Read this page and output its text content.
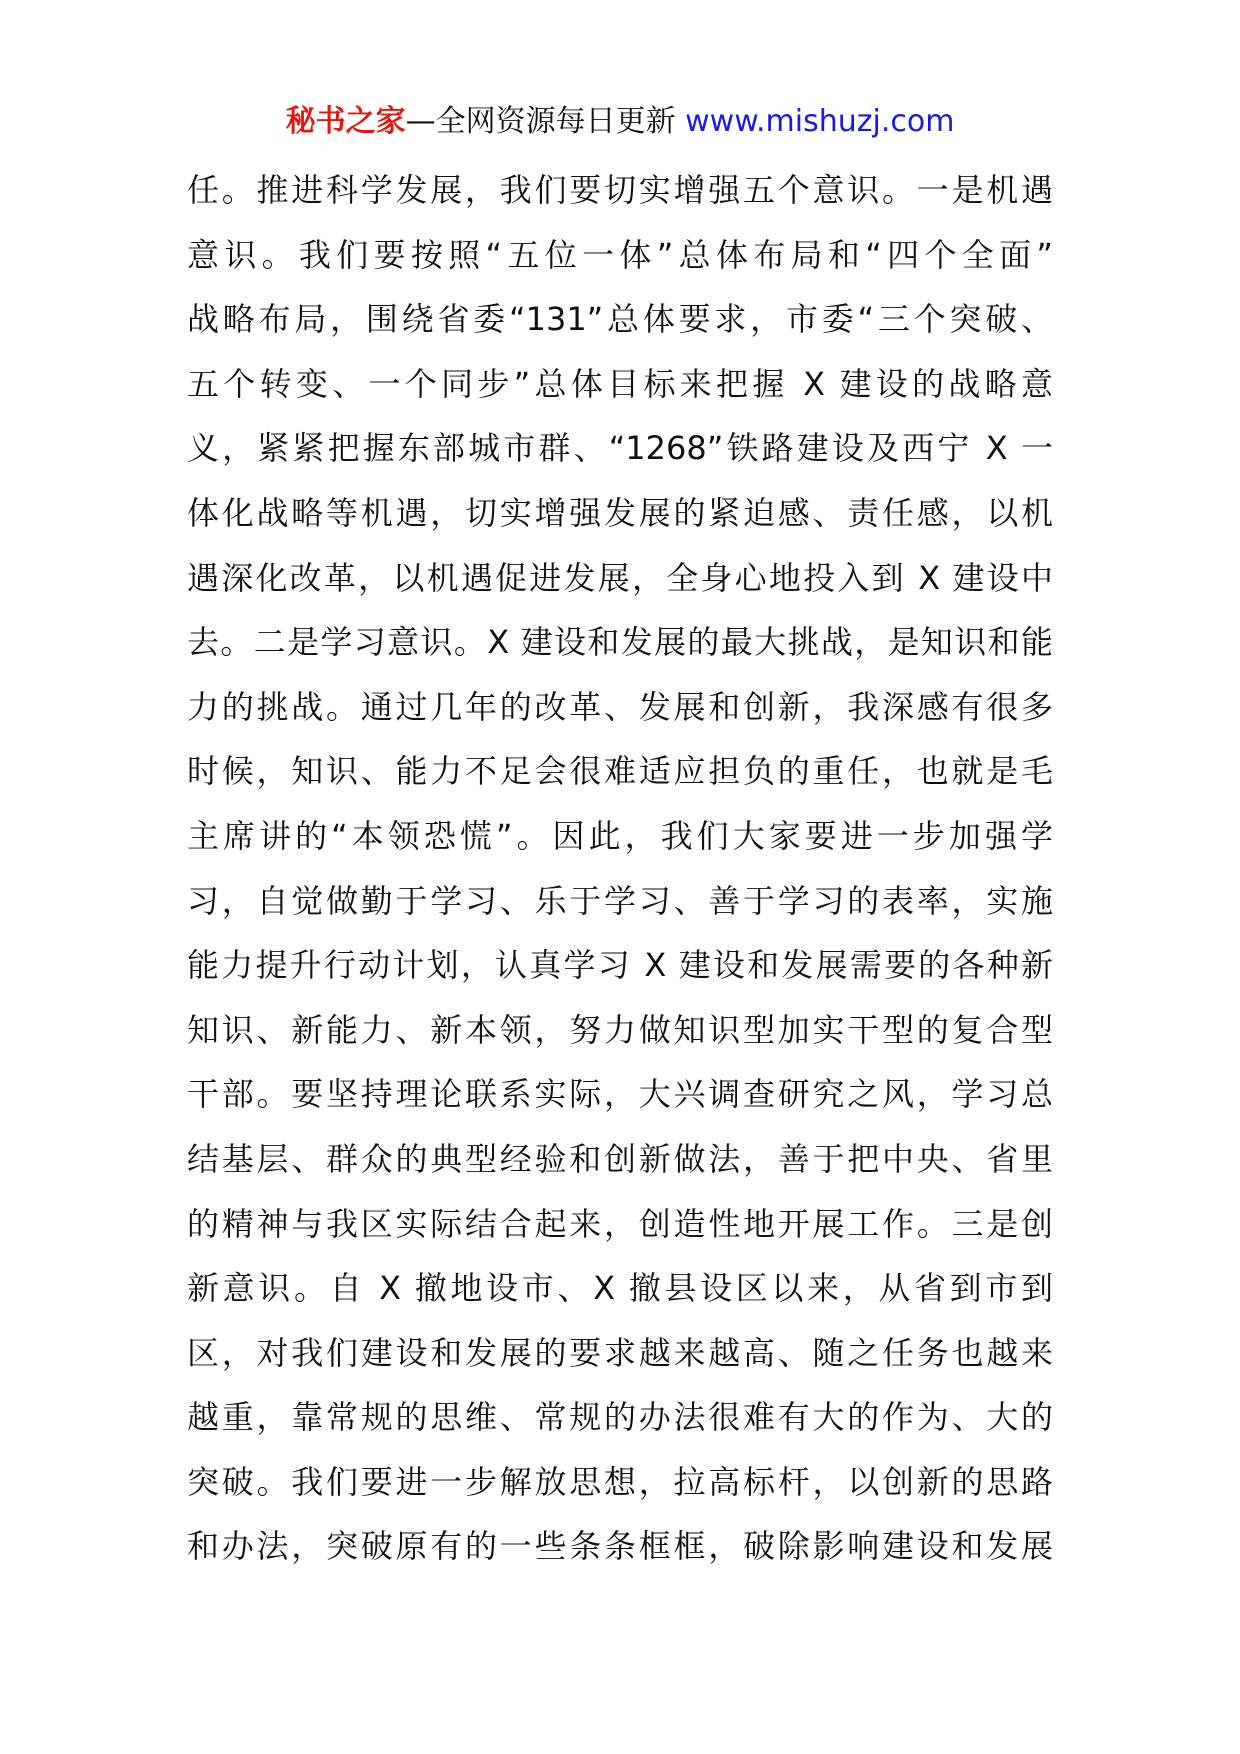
秘书之家—全网资源每日更新 www.mishuzj.com
任。推进科学发展，我们要切实增强五个意识。一是机遇
意识。我们要按照“五位一体”总体布局和“四个全面”
战略布局，围绕省委“131”总体要求，市委“三个突破、
五个转变、一个同步”总体目标来把握 X 建设的战略意
义，紧紧把握东部城市群、“1268”铁路建设及西宁 X 一
体化战略等机遇，切实增强发展的紧迫感、责任感，以机
遇深化改革，以机遇促进发展，全身心地投入到 X 建设中
去。二是学习意识。X 建设和发展的最大挑战，是知识和能
力的挑战。通过几年的改革、发展和创新，我深感有很多
时候，知识、能力不足会很难适应担负的重任，也就是毛
主席讲的“本领恐慌”。因此，我们大家要进一步加强学
习，自觉做勤于学习、乐于学习、善于学习的表率，实施
能力提升行动计划，认真学习 X 建设和发展需要的各种新
知识、新能力、新本领，努力做知识型加实干型的复合型
干部。要坚持理论联系实际，大兴调查研究之风，学习总
结基层、群众的典型经验和创新做法，善于把中央、省里
的精神与我区实际结合起来，创造性地开展工作。三是创
新意识。自 X 撤地设市、X 撤县设区以来，从省到市到
区，对我们建设和发展的要求越来越高、随之任务也越来
越重，靠常规的思维、常规的办法很难有大的作为、大的
突破。我们要进一步解放思想，拉高标杆，以创新的思路
和办法，突破原有的一些条条框框，破除影响建设和发展
